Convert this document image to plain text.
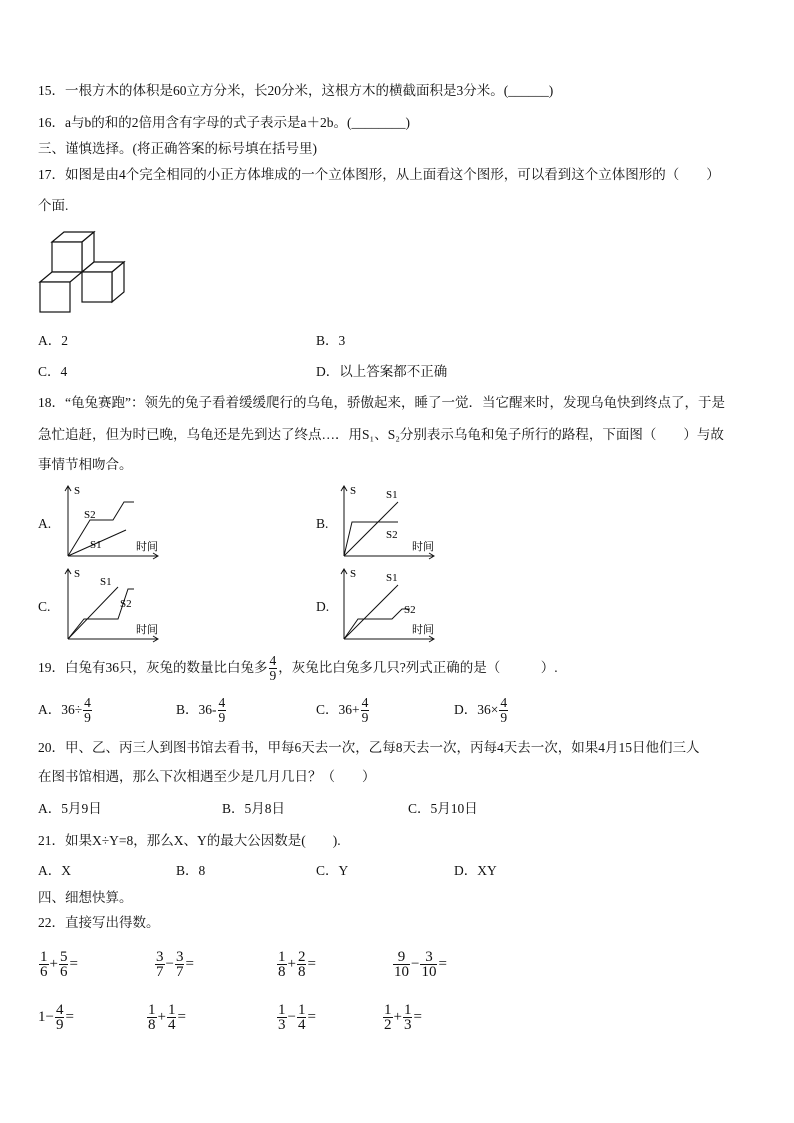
15．一根方木的体积是60立方分米，长20分米，这根方木的横截面积是3分米。(______)
16．a与b的和的2倍用含有字母的式子表示是a＋2b。(________)
三、谨慎选择。(将正确答案的标号填在括号里)
17．如图是由4个完全相同的小正方体堆成的一个立体图形，从上面看这个图形，可以看到这个立体图形的（　　）
个面.
A．2	B．3
C．4	D．以上答案都不正确
18．“龟兔赛跑”：领先的兔子看着缓缓爬行的乌龟，骄傲起来，睡了一觉．当它醒来时，发现乌龟快到终点了，于是
急忙追赶，但为时已晚，乌龟还是先到达了终点…．用S₁、S₂分别表示乌龟和兔子所行的路程，下面图（　　）与故
事情节相吻合。
A.
S
S2
S1	时间
B.
S	S1
S2
时间
C.
S
S1
S2
时间
D.
S	S1
S2
时间
19．白兔有36只，灰兔的数量比白兔多 $\frac{4}{9}$ ，灰兔比白兔多几只?列式正确的是（　　　）.
A．$36\div \frac{4}{9}$	B．$36- \frac{4}{9}$	C．$36+ \frac{4}{9}$	D．$36\times \frac{4}{9}$
20．甲、乙、丙三人到图书馆去看书，甲每6天去一次，乙每8天去一次，丙每4天去一次，如果4月15日他们三人
在图书馆相遇，那么下次相遇至少是几月几日？（　　）
A．5月9日	B．5月8日	C．5月10日
21．如果X÷Y=8，那么X、Y的最大公因数是(　　).
A．X	B．8	C．Y	D．XY
四、细想快算。
22．直接写出得数。
$\frac{1}{6} + \frac{5}{6}$ =	$\frac{3}{7} - \frac{3}{7}$ =	$\frac{1}{8} + \frac{2}{8}$ =	$\frac{9}{10} - \frac{3}{10}$ =
$1- \frac{4}{9}$ =	$\frac{1}{8} + \frac{1}{4}$ =	$\frac{1}{3} - \frac{1}{4}$ =	$\frac{1}{2} + \frac{1}{3}$ =
